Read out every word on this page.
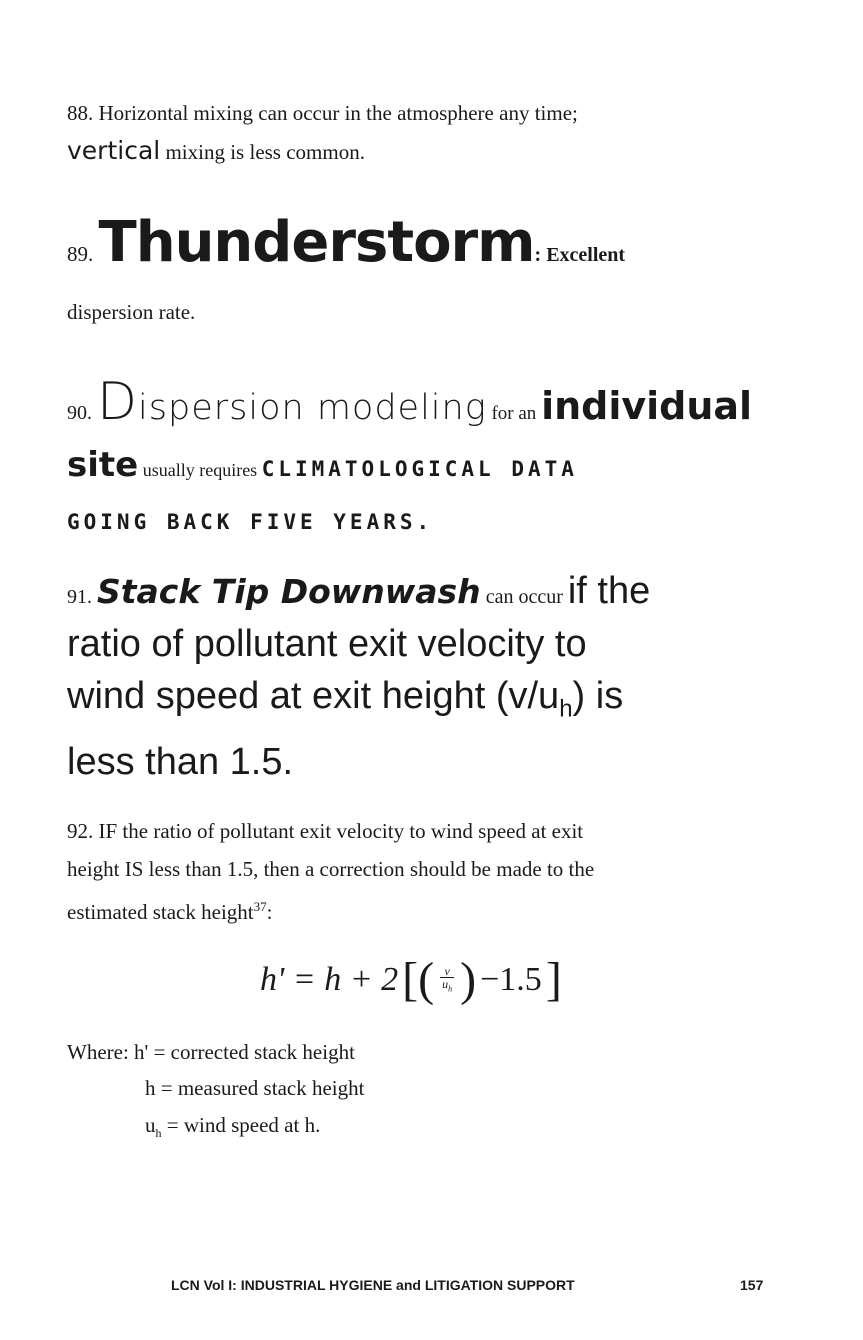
88. Horizontal mixing can occur in the atmosphere any time;
vertical mixing is less common.
89. Thunderstorm: Excellent
dispersion rate.
90. Dispersion modeling for an individual
site usually requires CLIMATOLOGICAL DATA
GOING BACK FIVE YEARS.
91. Stack Tip Downwash can occur if the
ratio of pollutant exit velocity to
wind speed at exit height $(v/u_h)$ is
less than 1.5.
92. IF the ratio of pollutant exit velocity to wind speed at exit
height IS less than 1.5, then a correction should be made to the
estimated stack height$^{37}$:
h' = h + 2 [( $\frac{v}{u_h}$ ) −1.5 ]
Where: h' = corrected stack height
h = measured stack height
$u_h$ = wind speed at h.
LCN Vol I: INDUSTRIAL HYGIENE and LITIGATION SUPPORT	157
